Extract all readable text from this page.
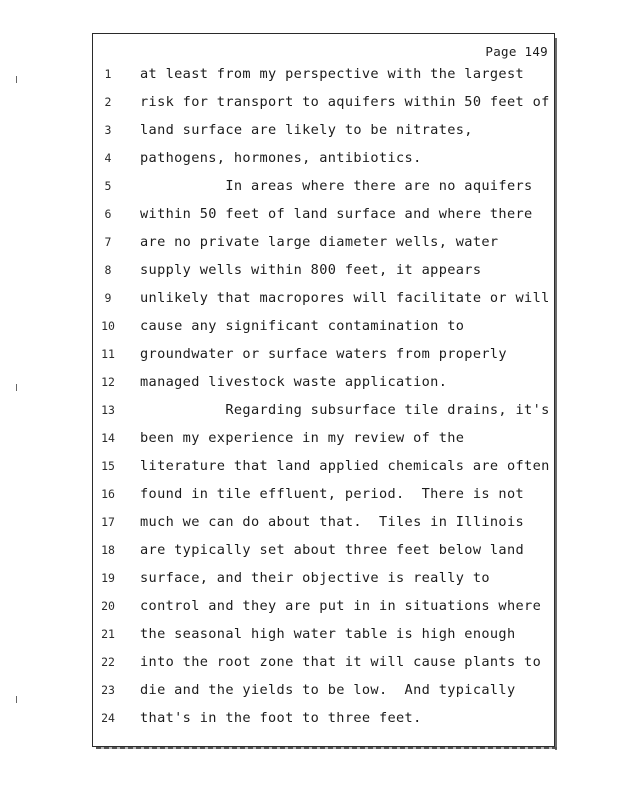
Page 149
1	at least from my perspective with the largest
2	risk for transport to aquifers within 50 feet of
3	land surface are likely to be nitrates,
4	pathogens, hormones, antibiotics.
5	In areas where there are no aquifers
6	within 50 feet of land surface and where there
7	are no private large diameter wells, water
8	supply wells within 800 feet, it appears
9	unlikely that macropores will facilitate or will
10 cause any significant contamination to
11 groundwater or surface waters from properly
12 managed livestock waste application.
13 Regarding subsurface tile drains, it's
14 been my experience in my review of the
15 literature that land applied chemicals are often
16 found in tile effluent, period.  There is not
17 much we can do about that.  Tiles in Illinois
18 are typically set about three feet below land
19 surface, and their objective is really to
20 control and they are put in in situations where
21 the seasonal high water table is high enough
22 into the root zone that it will cause plants to
23 die and the yields to be low.  And typically
24 that's in the foot to three feet.
